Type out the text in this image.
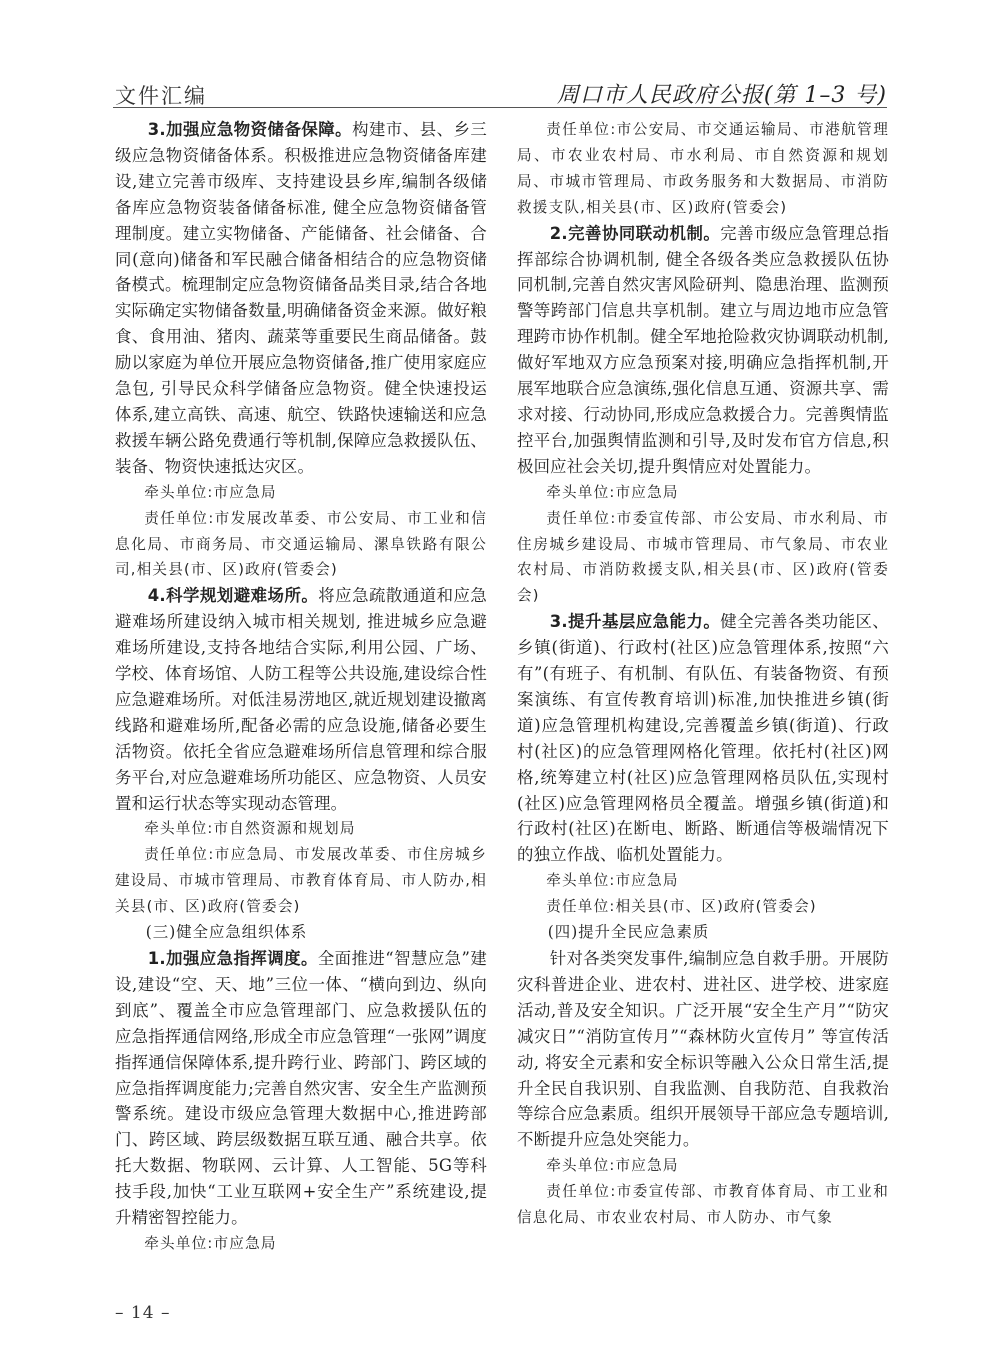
文件汇编	周口市人民政府公报(第 1–3 号)

3.加强应急物资储备保障。构建市、县、乡三级应急物资储备体系。积极推进应急物资储备库建设,建立完善市级库、支持建设县乡库,编制各级储备库应急物资装备储备标准, 健全应急物资储备管理制度。建立实物储备、产能储备、社会储备、合同(意向)储备和军民融合储备相结合的应急物资储备模式。梳理制定应急物资储备品类目录,结合各地实际确定实物储备数量,明确储备资金来源。做好粮食、食用油、猪肉、蔬菜等重要民生商品储备。鼓励以家庭为单位开展应急物资储备,推广使用家庭应急包, 引导民众科学储备应急物资。健全快速投运体系,建立高铁、高速、航空、铁路快速输送和应急救援车辆公路免费通行等机制,保障应急救援队伍、装备、物资快速抵达灾区。

牵头单位:市应急局

责任单位:市发展改革委、市公安局、市工业和信息化局、市商务局、市交通运输局、漯阜铁路有限公司,相关县(市、区)政府(管委会)

4.科学规划避难场所。将应急疏散通道和应急避难场所建设纳入城市相关规划, 推进城乡应急避难场所建设,支持各地结合实际,利用公园、广场、学校、体育场馆、人防工程等公共设施,建设综合性应急避难场所。对低洼易涝地区,就近规划建设撤离线路和避难场所,配备必需的应急设施,储备必要生活物资。依托全省应急避难场所信息管理和综合服务平台,对应急避难场所功能区、应急物资、人员安置和运行状态等实现动态管理。

牵头单位:市自然资源和规划局

责任单位:市应急局、市发展改革委、市住房城乡建设局、市城市管理局、市教育体育局、市人防办,相关县(市、区)政府(管委会)

(三)健全应急组织体系

1.加强应急指挥调度。全面推进“智慧应急”建设,建设“空、天、地”三位一体、“横向到边、纵向到底”、覆盖全市应急管理部门、应急救援队伍的应急指挥通信网络,形成全市应急管理“一张网”调度指挥通信保障体系,提升跨行业、跨部门、跨区域的应急指挥调度能力;完善自然灾害、安全生产监测预警系统。建设市级应急管理大数据中心,推进跨部门、跨区域、跨层级数据互联互通、融合共享。依托大数据、物联网、云计算、人工智能、5G等科技手段,加快“工业互联网+安全生产”系统建设,提升精密智控能力。

牵头单位:市应急局

责任单位:市公安局、市交通运输局、市港航管理局、市农业农村局、市水利局、市自然资源和规划局、市城市管理局、市政务服务和大数据局、市消防救援支队,相关县(市、区)政府(管委会)

2.完善协同联动机制。完善市级应急管理总指挥部综合协调机制, 健全各级各类应急救援队伍协同机制,完善自然灾害风险研判、隐患治理、监测预警等跨部门信息共享机制。建立与周边地市应急管理跨市协作机制。健全军地抢险救灾协调联动机制,做好军地双方应急预案对接,明确应急指挥机制,开展军地联合应急演练,强化信息互通、资源共享、需求对接、行动协同,形成应急救援合力。完善舆情监控平台,加强舆情监测和引导,及时发布官方信息,积极回应社会关切,提升舆情应对处置能力。

牵头单位:市应急局

责任单位:市委宣传部、市公安局、市水利局、市住房城乡建设局、市城市管理局、市气象局、市农业农村局、市消防救援支队,相关县(市、区)政府(管委会)

3.提升基层应急能力。健全完善各类功能区、乡镇(街道)、行政村(社区)应急管理体系,按照“六有”(有班子、有机制、有队伍、有装备物资、有预案演练、有宣传教育培训)标准,加快推进乡镇(街道)应急管理机构建设,完善覆盖乡镇(街道)、行政村(社区)的应急管理网格化管理。依托村(社区)网格,统筹建立村(社区)应急管理网格员队伍,实现村(社区)应急管理网格员全覆盖。增强乡镇(街道)和行政村(社区)在断电、断路、断通信等极端情况下的独立作战、临机处置能力。

牵头单位:市应急局

责任单位:相关县(市、区)政府(管委会)

(四)提升全民应急素质

针对各类突发事件,编制应急自救手册。开展防灾科普进企业、进农村、进社区、进学校、进家庭活动,普及安全知识。广泛开展“安全生产月”“防灾减灾日”“消防宣传月”“森林防火宣传月” 等宣传活动, 将安全元素和安全标识等融入公众日常生活,提升全民自我识别、自我监测、自我防范、自我救治等综合应急素质。组织开展领导干部应急专题培训,不断提升应急处突能力。

牵头单位:市应急局

责任单位:市委宣传部、市教育体育局、市工业和信息化局、市农业农村局、市人防办、市气象

– 14 –
